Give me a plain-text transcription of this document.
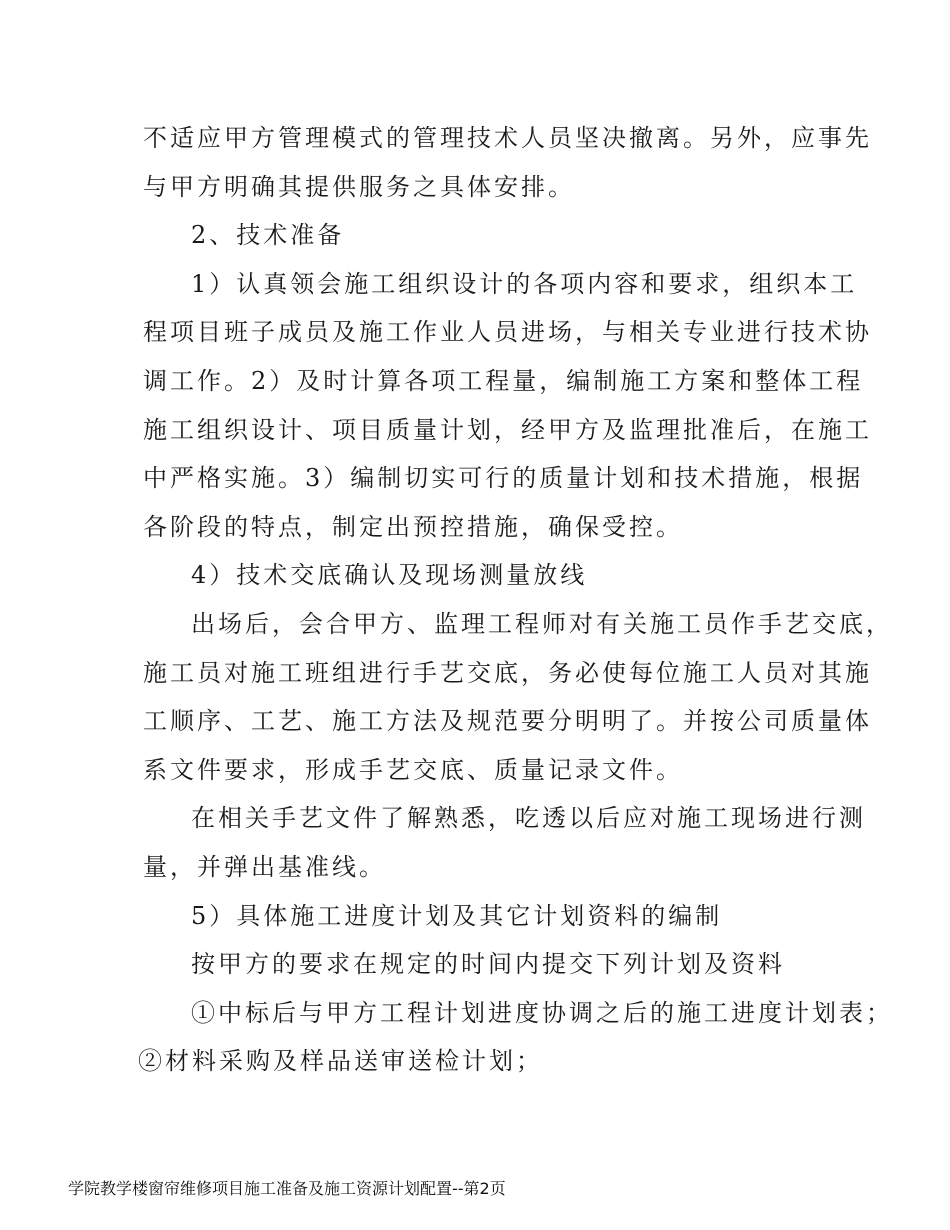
不适应甲方管理模式的管理技术人员坚决撤离。另外，应事先
与甲方明确其提供服务之具体安排。
2、技术准备
1）认真领会施工组织设计的各项内容和要求，组织本工
程项目班子成员及施工作业人员进场，与相关专业进行技术协
调工作。2）及时计算各项工程量，编制施工方案和整体工程
施工组织设计、项目质量计划，经甲方及监理批准后，在施工
中严格实施。3）编制切实可行的质量计划和技术措施，根据
各阶段的特点，制定出预控措施，确保受控。
4）技术交底确认及现场测量放线
出场后，会合甲方、监理工程师对有关施工员作手艺交底，
施工员对施工班组进行手艺交底，务必使每位施工人员对其施
工顺序、工艺、施工方法及规范要分明明了。并按公司质量体
系文件要求，形成手艺交底、质量记录文件。
在相关手艺文件了解熟悉，吃透以后应对施工现场进行测
量，并弹出基准线。
5）具体施工进度计划及其它计划资料的编制
按甲方的要求在规定的时间内提交下列计划及资料
①中标后与甲方工程计划进度协调之后的施工进度计划表；
②材料采购及样品送审送检计划；
学院教学楼窗帘维修项目施工准备及施工资源计划配置--第2页
